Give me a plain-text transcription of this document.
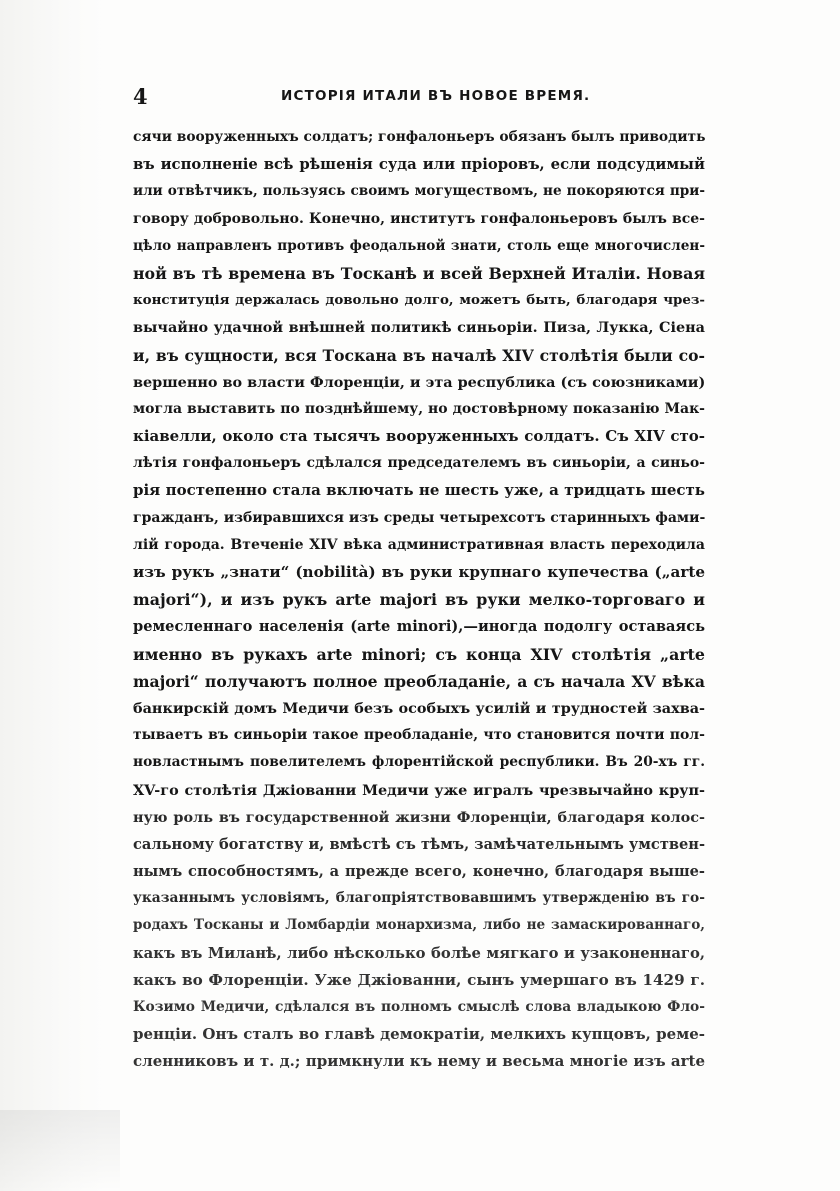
4	ИСТОРІЯ ИТАЛИ ВЪ НОВОЕ ВРЕМЯ.
сячи вооруженныхъ солдатъ; гонфалоньеръ обязанъ былъ приводить
въ исполненіе всѣ рѣшенія суда или пріоровъ, если подсудимый
или отвѣтчикъ, пользуясь своимъ могуществомъ, не покоряются при-
говору добровольно. Конечно, институтъ гонфалоньеровъ былъ все-
цѣло направленъ противъ феодальной знати, столь еще многочислен-
ной въ тѣ времена въ Тосканѣ и всей Верхней Италіи. Новая
конституція держалась довольно долго, можетъ быть, благодаря чрез-
вычайно удачной внѣшней политикѣ синьоріи. Пиза, Лукка, Сіена
и, въ сущности, вся Тоскана въ началѣ XIV столѣтія были со-
вершенно во власти Флоренціи, и эта республика (съ союзниками)
могла выставить по позднѣйшему, но достовѣрному показанію Мак-
кіавелли, около ста тысячъ вооруженныхъ солдатъ. Съ XIV сто-
лѣтія гонфалоньеръ сдѣлался председателемъ въ синьоріи, а синьо-
рія постепенно стала включать не шесть уже, а тридцать шесть
гражданъ, избиравшихся изъ среды четырехсотъ старинныхъ фами-
лій города. Втеченіе XIV вѣка административная власть переходила
изъ рукъ „знати“ (nobilità) въ руки крупнаго купечества („arte
majori“), и изъ рукъ arte majori въ руки мелко-торговаго и
ремесленнаго населенія (arte minori),—иногда подолгу оставаясь
именно въ рукахъ arte minori; съ конца XIV столѣтія „arte
majori“ получаютъ полное преобладаніе, а съ начала XV вѣка
банкирскій домъ Медичи безъ особыхъ усилій и трудностей захва-
тываетъ въ синьоріи такое преобладаніе, что становится почти пол-
новластнымъ повелителемъ флорентійской республики. Въ 20-хъ гг.
XV-го столѣтія Джіованни Медичи уже игралъ чрезвычайно круп-
ную роль въ государственной жизни Флоренціи, благодаря колос-
сальному богатству и, вмѣстѣ съ тѣмъ, замѣчательнымъ умствен-
нымъ способностямъ, а прежде всего, конечно, благодаря выше-
указаннымъ условіямъ, благопріятствовавшимъ утвержденію въ го-
родахъ Тосканы и Ломбардіи монархизма, либо не замаскированнаго,
какъ въ Миланѣ, либо нѣсколько болѣе мягкаго и узаконеннаго,
какъ во Флоренціи. Уже Джіованни, сынъ умершаго въ 1429 г.
Козимо Медичи, сдѣлался въ полномъ смыслѣ слова владыкою Фло-
ренціи. Онъ сталъ во главѣ демократіи, мелкихъ купцовъ, реме-
сленниковъ и т. д.; примкнули къ нему и весьма многіе изъ arte
